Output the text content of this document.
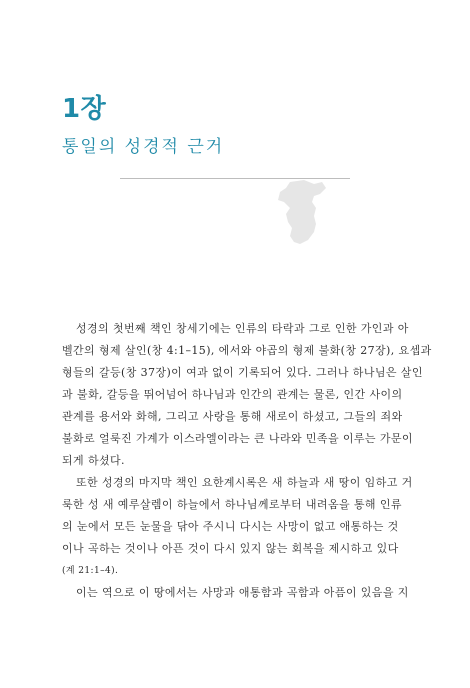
1장
통일의 성경적 근거
성경의 첫번째 책인 창세기에는 인류의 타락과 그로 인한 가인과 아
벨간의 형제 살인(창 4:1–15), 에서와 야곱의 형제 불화(창 27장), 요셉과
형들의 갈등(창 37장)이 여과 없이 기록되어 있다. 그러나 하나님은 살인
과 불화, 갈등을 뛰어넘어 하나님과 인간의 관계는 물론, 인간 사이의
관계를 용서와 화해, 그리고 사랑을 통해 새로이 하셨고, 그들의 죄와
불화로 얼룩진 가계가 이스라엘이라는 큰 나라와 민족을 이루는 가문이
되게 하셨다.
또한 성경의 마지막 책인 요한계시록은 새 하늘과 새 땅이 임하고 거
룩한 성 새 예루살렘이 하늘에서 하나님께로부터 내려옴을 통해 인류
의 눈에서 모든 눈물을 닦아 주시니 다시는 사망이 없고 애통하는 것
이나 곡하는 것이나 아픈 것이 다시 있지 않는 회복을 제시하고 있다
(계 21:1–4).
이는 역으로 이 땅에서는 사망과 애통함과 곡함과 아픔이 있음을 지
